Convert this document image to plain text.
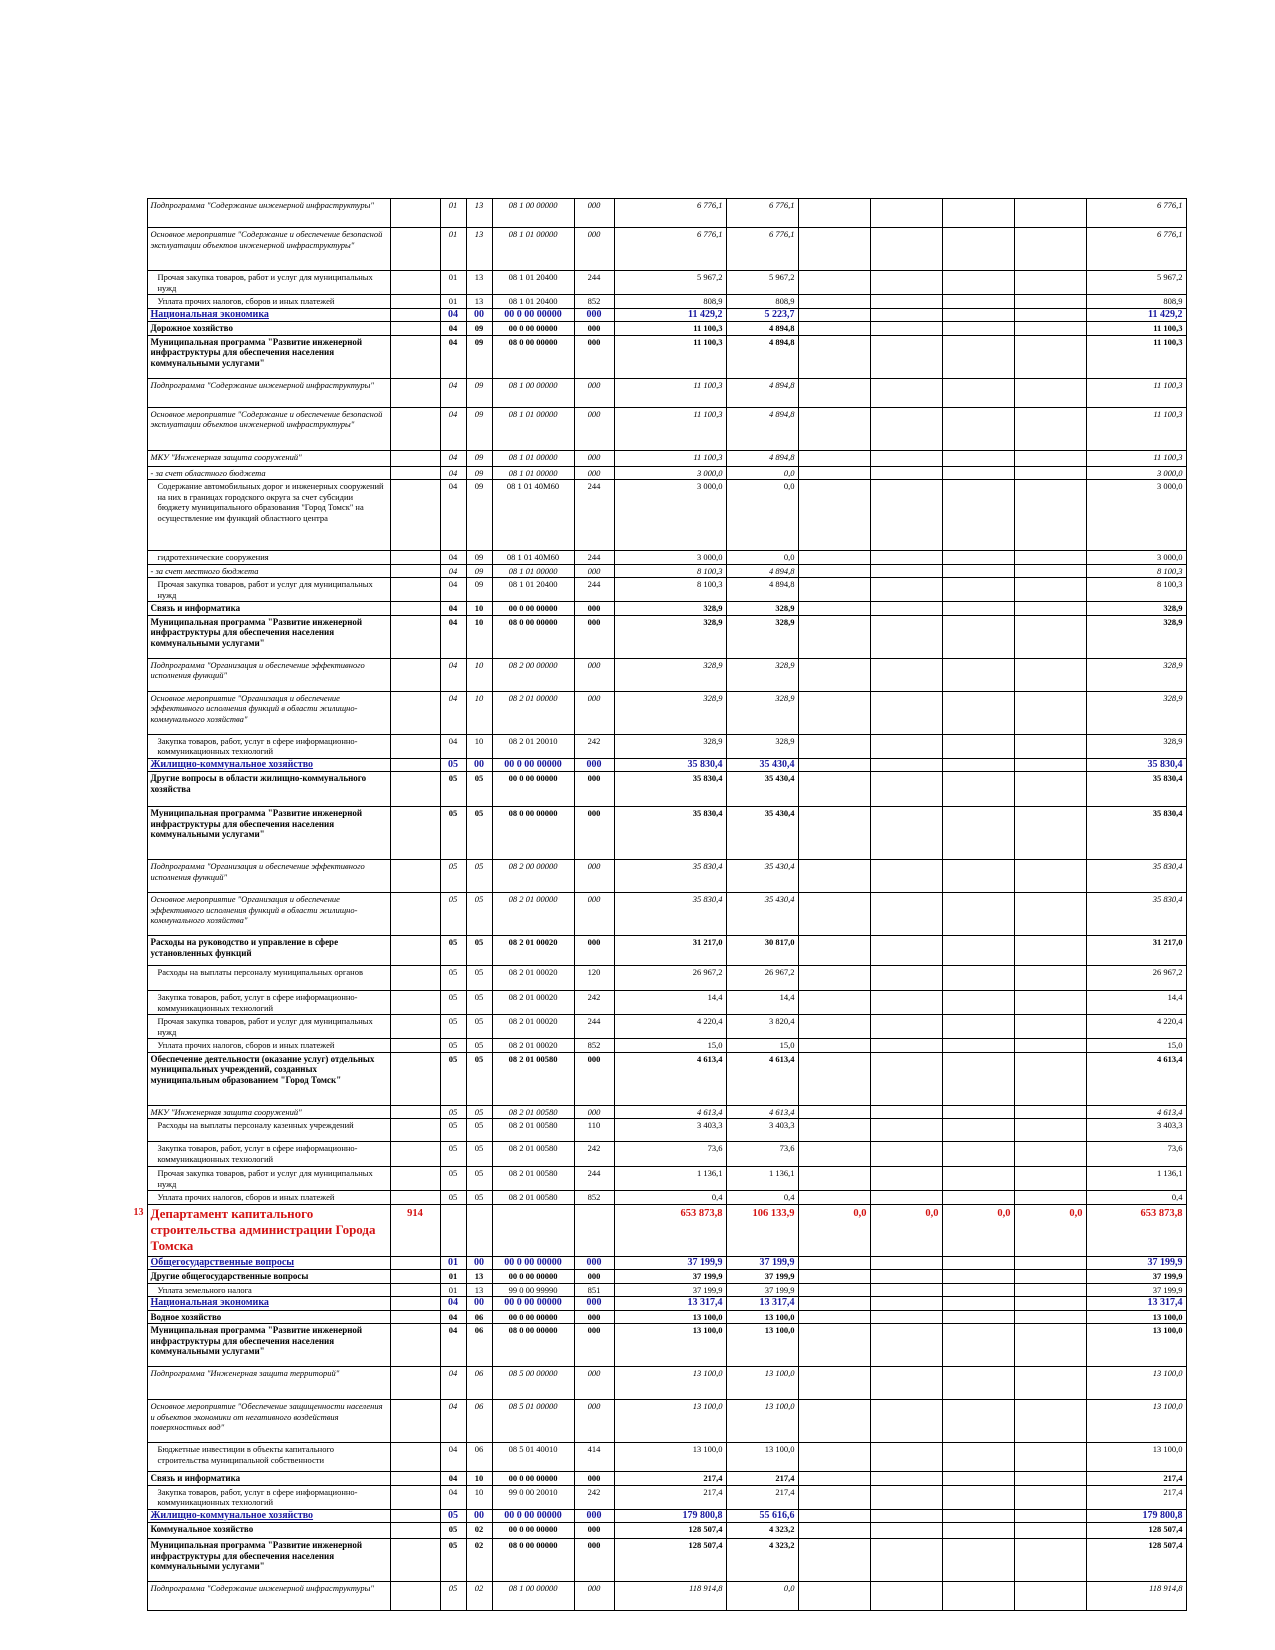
	Подпрограмма "Содержание инженерной инфраструктуры"		01	13	08 1 00 00000	000	6 776,1	6 776,1					6 776,1
	Основное мероприятие "Содержание и обеспечение безопасной эксплуатации объектов инженерной инфраструктуры"		01	13	08 1 01 00000	000	6 776,1	6 776,1					6 776,1
	Прочая закупка товаров, работ и услуг для муниципальных нужд		01	13	08 1 01 20400	244	5 967,2	5 967,2					5 967,2
	Уплата прочих налогов, сборов и иных платежей		01	13	08 1 01 20400	852	808,9	808,9					808,9
	Национальная экономика		04	00	00 0 00 00000	000	11 429,2	5 223,7					11 429,2
	Дорожное хозяйство		04	09	00 0 00 00000	000	11 100,3	4 894,8					11 100,3
	Муниципальная программа "Развитие инженерной инфраструктуры для обеспечения населения коммунальными услугами"		04	09	08 0 00 00000	000	11 100,3	4 894,8					11 100,3
	Подпрограмма "Содержание инженерной инфраструктуры"		04	09	08 1 00 00000	000	11 100,3	4 894,8					11 100,3
	Основное мероприятие "Содержание и обеспечение безопасной эксплуатации объектов инженерной инфраструктуры"		04	09	08 1 01 00000	000	11 100,3	4 894,8					11 100,3
	МКУ "Инженерная защита сооружений"		04	09	08 1 01 00000	000	11 100,3	4 894,8					11 100,3
	- за счет областного бюджета		04	09	08 1 01 00000	000	3 000,0	0,0					3 000,0
	Содержание автомобильных дорог и инженерных сооружений на них в границах городского округа за счет субсидии бюджету муниципального образования "Город Томск" на осуществление им функций областного центра		04	09	08 1 01 40М60	244	3 000,0	0,0					3 000,0
	гидротехнические сооружения		04	09	08 1 01 40М60	244	3 000,0	0,0					3 000,0
	- за счет местного бюджета		04	09	08 1 01 00000	000	8 100,3	4 894,8					8 100,3
	Прочая закупка товаров, работ и услуг для муниципальных нужд		04	09	08 1 01 20400	244	8 100,3	4 894,8					8 100,3
	Связь и информатика		04	10	00 0 00 00000	000	328,9	328,9					328,9
	Муниципальная программа "Развитие инженерной инфраструктуры для обеспечения населения коммунальными услугами"		04	10	08 0 00 00000	000	328,9	328,9					328,9
	Подпрограмма "Организация и обеспечение эффективного исполнения функций"		04	10	08 2 00 00000	000	328,9	328,9					328,9
	Основное мероприятие "Организация и обеспечение эффективного исполнения функций в области жилищно-коммунального хозяйства"		04	10	08 2 01 00000	000	328,9	328,9					328,9
	Закупка товаров, работ, услуг в сфере информационно-коммуникационных технологий		04	10	08 2 01 20010	242	328,9	328,9					328,9
	Жилищно-коммунальное хозяйство		05	00	00 0 00 00000	000	35 830,4	35 430,4					35 830,4
	Другие вопросы в области жилищно-коммунального хозяйства		05	05	00 0 00 00000	000	35 830,4	35 430,4					35 830,4
	Муниципальная программа "Развитие инженерной инфраструктуры для обеспечения населения коммунальными услугами"		05	05	08 0 00 00000	000	35 830,4	35 430,4					35 830,4
	Подпрограмма "Организация и обеспечение эффективного исполнения функций"		05	05	08 2 00 00000	000	35 830,4	35 430,4					35 830,4
	Основное мероприятие "Организация и обеспечение эффективного исполнения функций в области жилищно-коммунального хозяйства"		05	05	08 2 01 00000	000	35 830,4	35 430,4					35 830,4
	Расходы на руководство и управление в сфере установленных функций		05	05	08 2 01 00020	000	31 217,0	30 817,0					31 217,0
	Расходы на выплаты персоналу муниципальных органов		05	05	08 2 01 00020	120	26 967,2	26 967,2					26 967,2
	Закупка товаров, работ, услуг в сфере информационно-коммуникационных технологий		05	05	08 2 01 00020	242	14,4	14,4					14,4
	Прочая закупка товаров, работ и услуг для муниципальных нужд		05	05	08 2 01 00020	244	4 220,4	3 820,4					4 220,4
	Уплата прочих налогов, сборов и иных платежей		05	05	08 2 01 00020	852	15,0	15,0					15,0
	Обеспечение деятельности (оказание услуг) отдельных муниципальных учреждений, созданных муниципальным образованием "Город Томск"		05	05	08 2 01 00580	000	4 613,4	4 613,4					4 613,4
	МКУ "Инженерная защита сооружений"		05	05	08 2 01 00580	000	4 613,4	4 613,4					4 613,4
	Расходы на выплаты персоналу казенных учреждений		05	05	08 2 01 00580	110	3 403,3	3 403,3					3 403,3
	Закупка товаров, работ, услуг в сфере информационно-коммуникационных технологий		05	05	08 2 01 00580	242	73,6	73,6					73,6
	Прочая закупка товаров, работ и услуг для муниципальных нужд		05	05	08 2 01 00580	244	1 136,1	1 136,1					1 136,1
	Уплата прочих налогов, сборов и иных платежей		05	05	08 2 01 00580	852	0,4	0,4					0,4
13	Департамент капитального строительства администрации Города Томска	914					653 873,8	106 133,9	0,0	0,0	0,0	0,0	653 873,8
	Общегосударственные вопросы		01	00	00 0 00 00000	000	37 199,9	37 199,9					37 199,9
	Другие общегосударственные вопросы		01	13	00 0 00 00000	000	37 199,9	37 199,9					37 199,9
	Уплата земельного налога		01	13	99 0 00 99990	851	37 199,9	37 199,9					37 199,9
	Национальная экономика		04	00	00 0 00 00000	000	13 317,4	13 317,4					13 317,4
	Водное хозяйство		04	06	00 0 00 00000	000	13 100,0	13 100,0					13 100,0
	Муниципальная программа "Развитие инженерной инфраструктуры для обеспечения населения коммунальными услугами"		04	06	08 0 00 00000	000	13 100,0	13 100,0					13 100,0
	Подпрограмма "Инженерная защита территорий"		04	06	08 5 00 00000	000	13 100,0	13 100,0					13 100,0
	Основное мероприятие "Обеспечение защищенности населения и объектов экономики от негативного воздействия поверхностных вод"		04	06	08 5 01 00000	000	13 100,0	13 100,0					13 100,0
	Бюджетные инвестиции в объекты капитального строительства муниципальной собственности		04	06	08 5 01 40010	414	13 100,0	13 100,0					13 100,0
	Связь и информатика		04	10	00 0 00 00000	000	217,4	217,4					217,4
	Закупка товаров, работ, услуг в сфере информационно-коммуникационных технологий		04	10	99 0 00 20010	242	217,4	217,4					217,4
	Жилищно-коммунальное хозяйство		05	00	00 0 00 00000	000	179 800,8	55 616,6					179 800,8
	Коммунальное хозяйство		05	02	00 0 00 00000	000	128 507,4	4 323,2					128 507,4
	Муниципальная программа "Развитие инженерной инфраструктуры для обеспечения населения коммунальными услугами"		05	02	08 0 00 00000	000	128 507,4	4 323,2					128 507,4
	Подпрограмма "Содержание инженерной инфраструктуры"		05	02	08 1 00 00000	000	118 914,8	0,0					118 914,8
